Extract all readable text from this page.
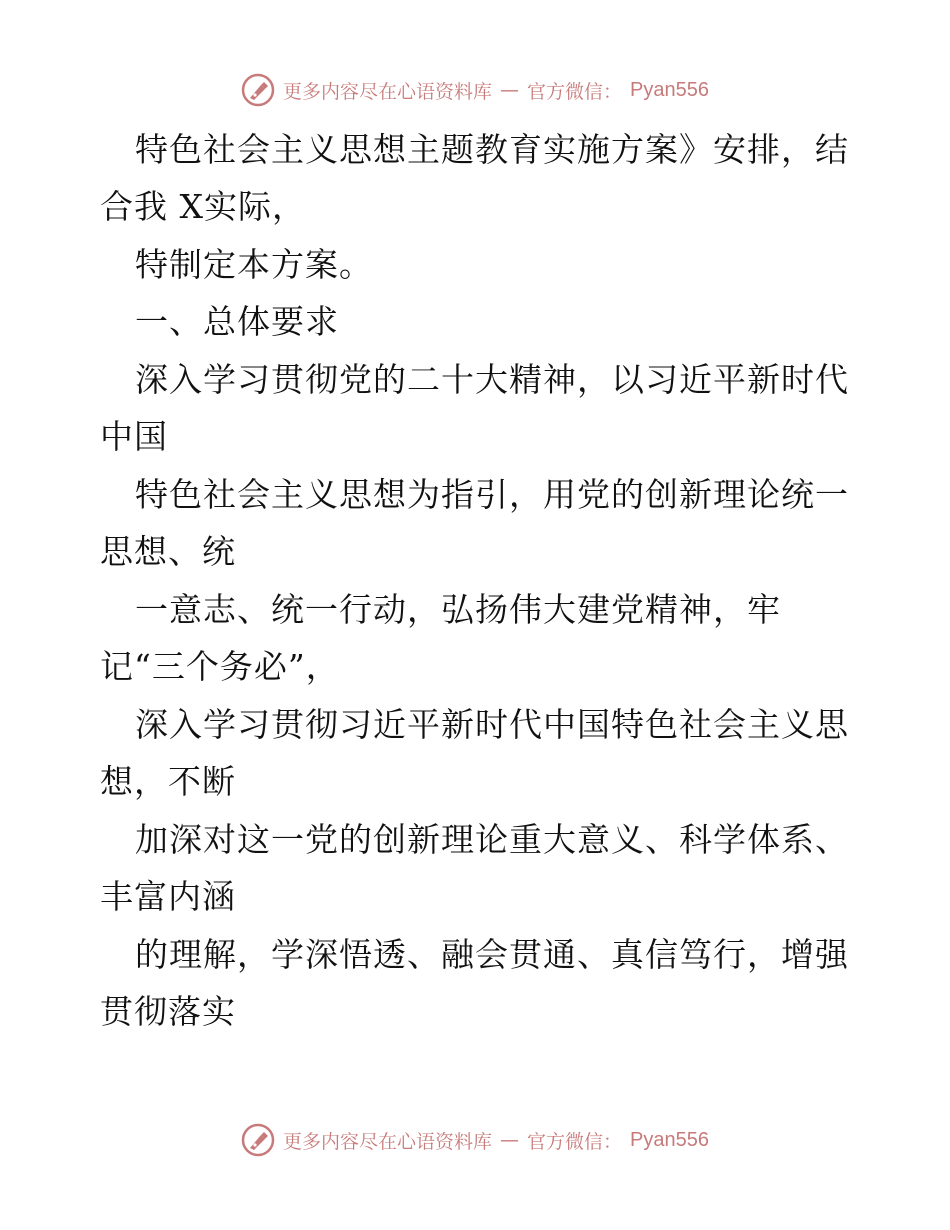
更多内容尽在心语资料库 — 官方微信： Pyan556
特色社会主义思想主题教育实施方案》安排，结
合我 X实际，
特制定本方案。
一、总体要求
深入学习贯彻党的二十大精神，以习近平新时代
中国
特色社会主义思想为指引，用党的创新理论统一
思想、统
一意志、统一行动，弘扬伟大建党精神，牢
记“三个务必”，
深入学习贯彻习近平新时代中国特色社会主义思
想，不断
加深对这一党的创新理论重大意义、科学体系、
丰富内涵
的理解，学深悟透、融会贯通、真信笃行，增强
贯彻落实
更多内容尽在心语资料库 — 官方微信： Pyan556
